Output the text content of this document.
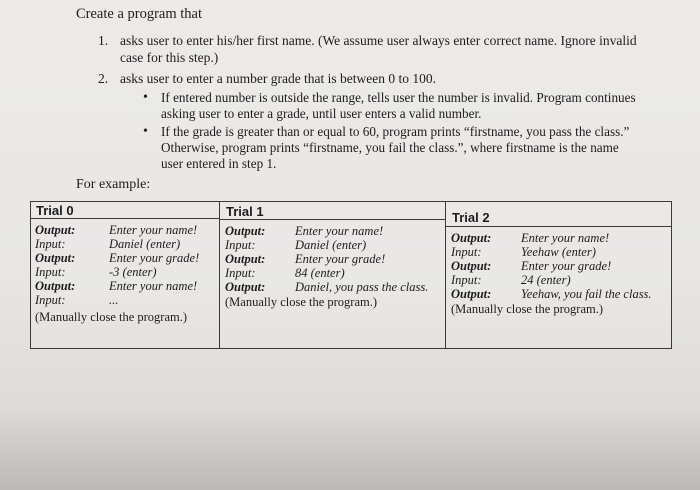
Create a program that
1. asks user to enter his/her first name. (We assume user always enter correct name. Ignore invalid
case for this step.)
2. asks user to enter a number grade that is between 0 to 100.
• If entered number is outside the range, tells user the number is invalid. Program continues
asking user to enter a grade, until user enters a valid number.
• If the grade is greater than or equal to 60, program prints “firstname, you pass the class.”
Otherwise, program prints “firstname, you fail the class.”, where firstname is the name
user entered in step 1.
For example:
Trial 0
Output:	Enter your name!
Input:	Daniel (enter)
Output:	Enter your grade!
Input:	-3 (enter)
Output:	Enter your name!
Input:	...
(Manually close the program.)
Trial 1
Output: Enter your name!
Input:	Daniel (enter)
Output: Enter your grade!
Input:	84 (enter)
Output: Daniel, you pass the class.
(Manually close the program.)
Trial 2
Output: Enter your name!
Input:	Yeehaw (enter)
Output: Enter your grade!
Input:	24 (enter)
Output: Yeehaw, you fail the class.
(Manually close the program.)
